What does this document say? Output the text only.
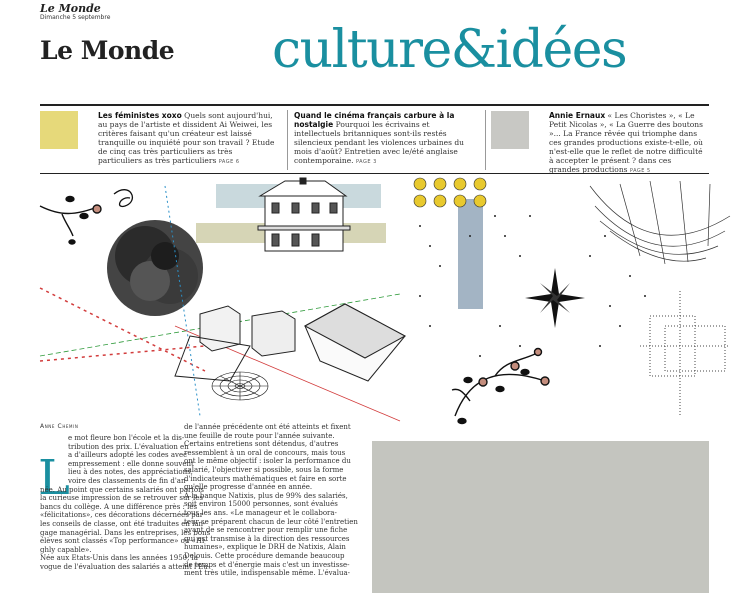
Le Monde
Dimanche 5 septembre
Le Monde culture&idées
Les féministes xoxo Quels sont aujourd'hui, au pays de l'artiste et dissident Ai Weiwei, les critères faisant qu'un créateur est laissé tranquille ou inquiété pour son travail ? Etude de cinq cas très particuliers as très particuliers as très particuliers PAGE 6
Quand le cinéma français carbure à la nostalgie Pourquoi les écrivains et intellectuels britanniques sont-ils restés silencieux pendant les violences urbaines du mois d'août? Entretien avec le/été anglaise contemporaine. PAGE 3
Annie Ernaux « Les Choristes », « Le Petit Nicolas », « La Guerre des boutons »... La France rêvée qui triomphe dans ces grandes productions existe-t-elle, où n'est-elle que le reflet de notre difficulté à accepter le présent ? dans ces grandes productions PAGE 5
Anne Chemin
L
e mot fleure bon l'école et la dis-
tribution des prix. L'évaluation en
a d'ailleurs adopté les codes avec
empressement : elle donne souvent
lieu à des notes, des appréciations,
voire des classements de fin d'an-
née. Au point que certains salariés ont parfois
la curieuse impression de se retrouver sur les
bancs du collège. A une différence près : les
«félicitations», ces décorations décernées par
les conseils de classe, ont été traduites en lan-
gage managérial. Dans les entreprises, les bons
élèves sont classés «Top performance» ou «Hi-
ghly capable».
Née aux Etats-Unis dans les années 1950, la
vogue de l'évaluation des salariés a atteint l'Eu-
de l'année précédente ont été atteints et fixent
une feuille de route pour l'année suivante.
Certains entretiens sont détendus, d'autres
ressemblent à un oral de concours, mais tous
ont le même objectif : isoler la performance du
salarié, l'objectiver si possible, sous la forme
d'indicateurs mathématiques et faire en sorte
qu'elle progresse d'année en année.
A la banque Natixis, plus de 99% des salariés,
soit environ 15000 personnes, sont évalués
tous les ans. «Le manageur et le collabora-
teur se préparent chacun de leur côté l'entretien
avant de se rencontrer pour remplir une fiche
qui est transmise à la direction des ressources
humaines», explique le DRH de Natixis, Alain
Delouis. Cette procédure demande beaucoup
de temps et d'énergie mais c'est un investisse-
ment très utile, indispensable même. L'évalua-
